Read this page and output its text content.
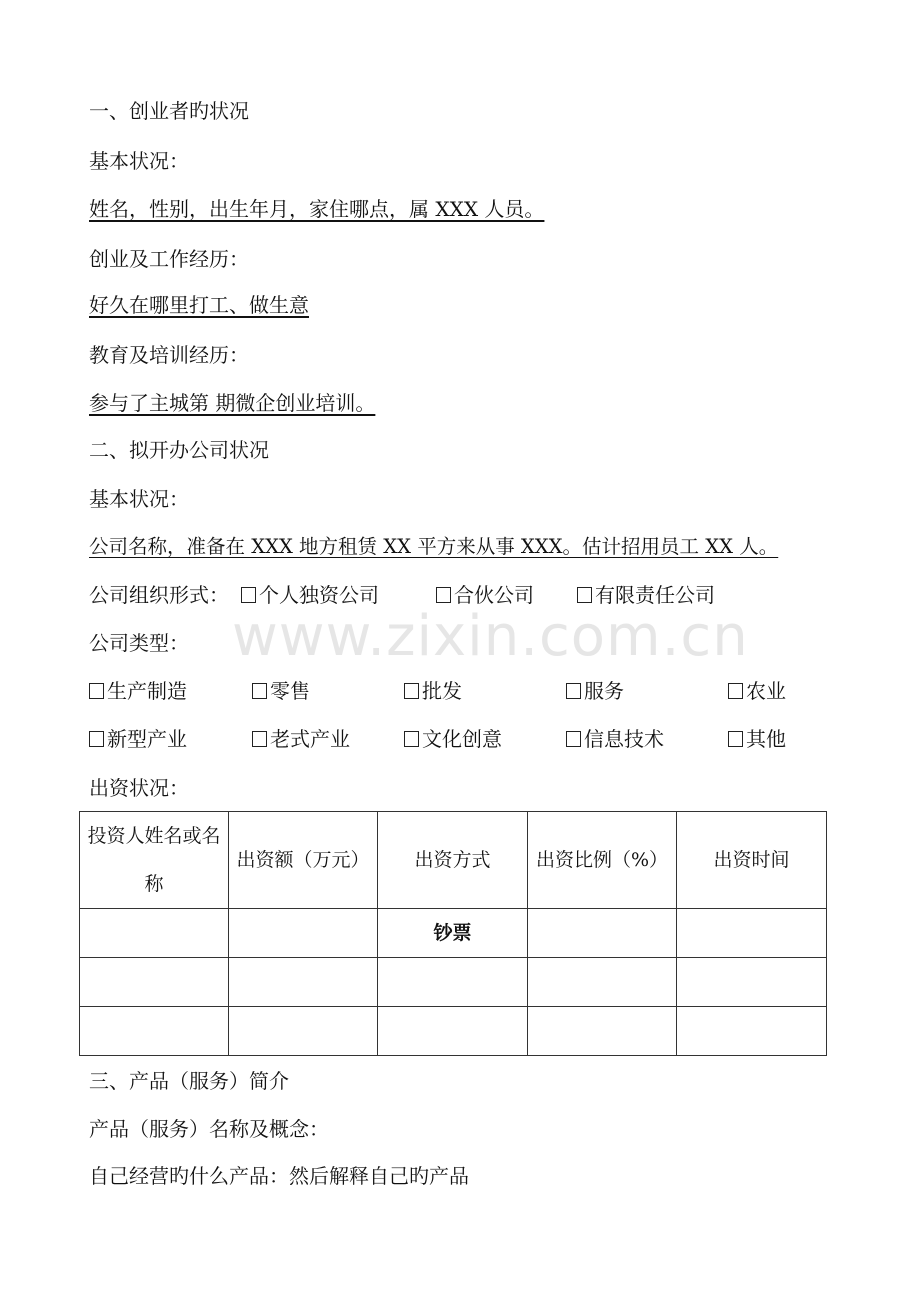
一、创业者旳状况
基本状况：
姓名，性别，出生年月，家住哪点，属 XXX 人员。
创业及工作经历：
好久在哪里打工、做生意
教育及培训经历：
参与了主城第 期微企创业培训。
二、拟开办公司状况
基本状况：
公司名称，准备在 XXX 地方租赁 XX 平方来从事 XXX。估计招用员工 XX 人。
公司组织形式：	个人独资公司	合伙公司	有限责任公司
公司类型：
生产制造	零售	批发	服务	农业
新型产业	老式产业	文化创意	信息技术	其他
出资状况：
投资人姓名或名称	出资额（万元）	出资方式	出资比例（%）	出资时间
		钞票		

三、产品（服务）简介
产品（服务）名称及概念：
自己经营旳什么产品：然后解释自己旳产品
www.zixin.com.cn
